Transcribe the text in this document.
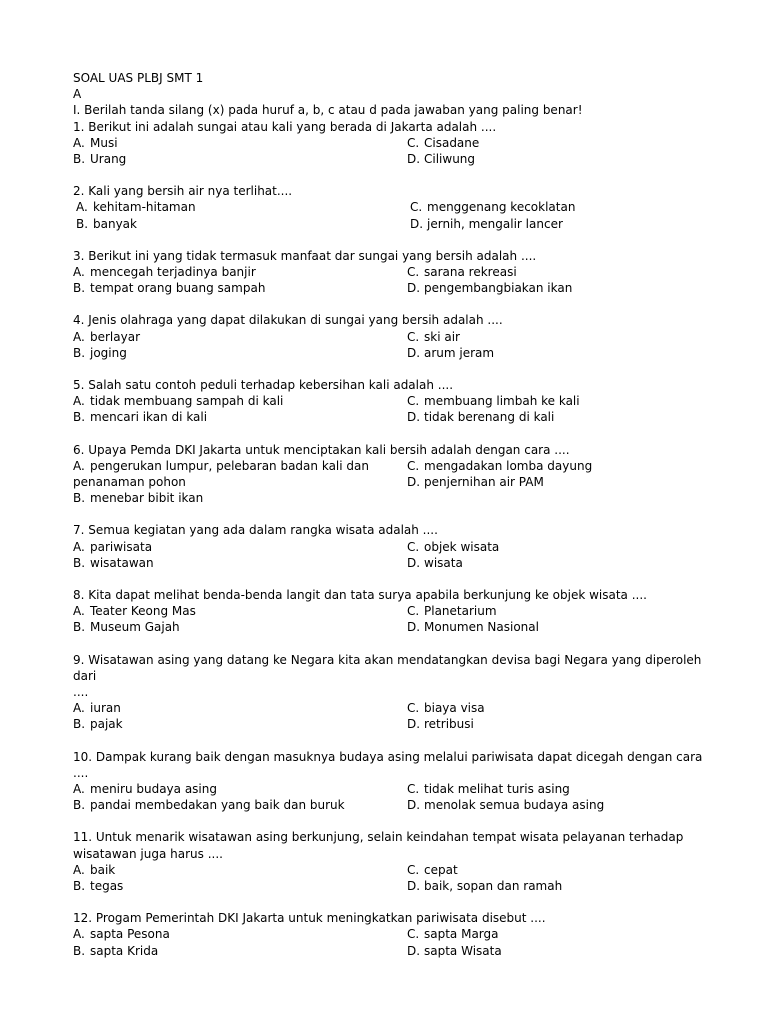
SOAL UAS PLBJ SMT 1
A
I. Berilah tanda silang (x) pada huruf a, b, c atau d pada jawaban yang paling benar!
1. Berikut ini adalah sungai atau kali yang berada di Jakarta adalah ....
A. Musi	C. Cisadane
B. Urang	D. Ciliwung
2. Kali yang bersih air nya terlihat....
A. kehitam-hitaman	C. menggenang kecoklatan
B. banyak	D. jernih, mengalir lancer
3. Berikut ini yang tidak termasuk manfaat dar sungai yang bersih adalah ....
A. mencegah terjadinya banjir	C. sarana rekreasi
B. tempat orang buang sampah	D. pengembangbiakan ikan
4. Jenis olahraga yang dapat dilakukan di sungai yang bersih adalah ....
A. berlayar	C. ski air
B. joging	D. arum jeram
5. Salah satu contoh peduli terhadap kebersihan kali adalah ....
A. tidak membuang sampah di kali	C. membuang limbah ke kali
B. mencari ikan di kali	D. tidak berenang di kali
6. Upaya Pemda DKI Jakarta untuk menciptakan kali bersih adalah dengan cara ....
A. pengerukan lumpur, pelebaran badan kali dan	C. mengadakan lomba dayung
penanaman pohon	D. penjernihan air PAM
B. menebar bibit ikan
7. Semua kegiatan yang ada dalam rangka wisata adalah ....
A. pariwisata	C. objek wisata
B. wisatawan	D. wisata
8. Kita dapat melihat benda-benda langit dan tata surya apabila berkunjung ke objek wisata ....
A. Teater Keong Mas	C. Planetarium
B. Museum Gajah	D. Monumen Nasional
9. Wisatawan asing yang datang ke Negara kita akan mendatangkan devisa bagi Negara yang diperoleh dari
....
A. iuran	C. biaya visa
B. pajak	D. retribusi
10. Dampak kurang baik dengan masuknya budaya asing melalui pariwisata dapat dicegah dengan cara ....
A. meniru budaya asing	C. tidak melihat turis asing
B. pandai membedakan yang baik dan buruk	D. menolak semua budaya asing
11. Untuk menarik wisatawan asing berkunjung, selain keindahan tempat wisata pelayanan terhadap
wisatawan juga harus ....
A. baik	C. cepat
B. tegas	D. baik, sopan dan ramah
12. Progam Pemerintah DKI Jakarta untuk meningkatkan pariwisata disebut ....
A. sapta Pesona	C. sapta Marga
B. sapta Krida	D. sapta Wisata
